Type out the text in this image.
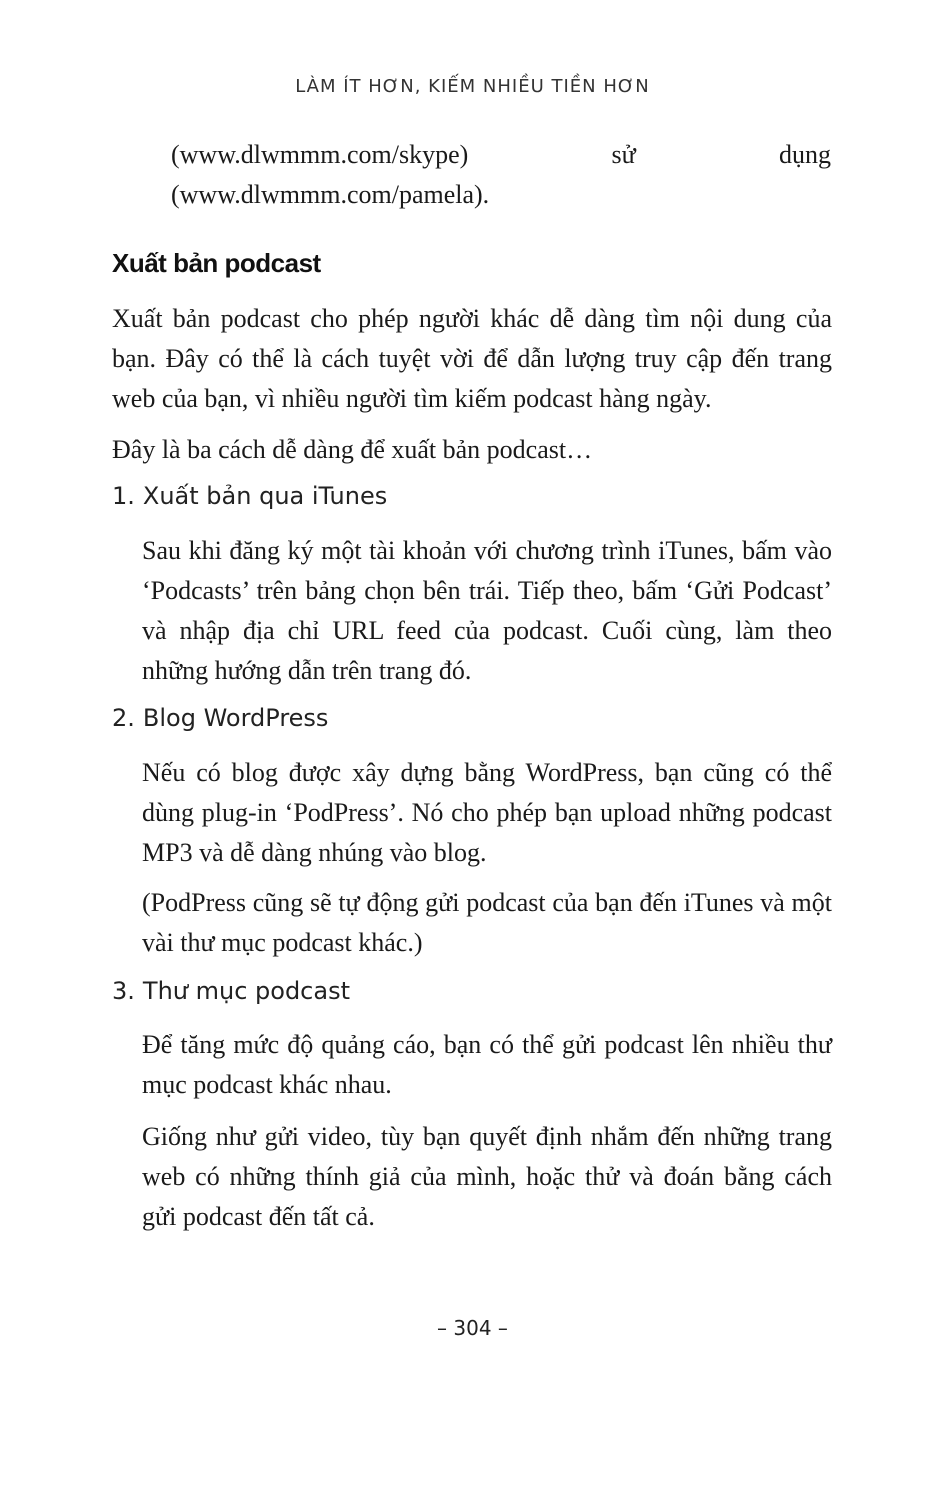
LÀM ÍT HƠN, KIẾM NHIỀU TIỀN HƠN

(www.dlwmmm.com/skype) sử dụng (www.dlwmmm.com/pamela).

Xuất bản podcast

Xuất bản podcast cho phép người khác dễ dàng tìm nội dung của bạn. Đây có thể là cách tuyệt vời để dẫn lượng truy cập đến trang web của bạn, vì nhiều người tìm kiếm podcast hàng ngày.

Đây là ba cách dễ dàng để xuất bản podcast…

1. Xuất bản qua iTunes

Sau khi đăng ký một tài khoản với chương trình iTunes, bấm vào ‘Podcasts’ trên bảng chọn bên trái. Tiếp theo, bấm ‘Gửi Podcast’ và nhập địa chỉ URL feed của podcast. Cuối cùng, làm theo những hướng dẫn trên trang đó.

2. Blog WordPress

Nếu có blog được xây dựng bằng WordPress, bạn cũng có thể dùng plug-in ‘PodPress’. Nó cho phép bạn upload những podcast MP3 và dễ dàng nhúng vào blog.

(PodPress cũng sẽ tự động gửi podcast của bạn đến iTunes và một vài thư mục podcast khác.)

3. Thư mục podcast

Để tăng mức độ quảng cáo, bạn có thể gửi podcast lên nhiều thư mục podcast khác nhau.

Giống như gửi video, tùy bạn quyết định nhắm đến những trang web có những thính giả của mình, hoặc thử và đoán bằng cách gửi podcast đến tất cả.

– 304 –
